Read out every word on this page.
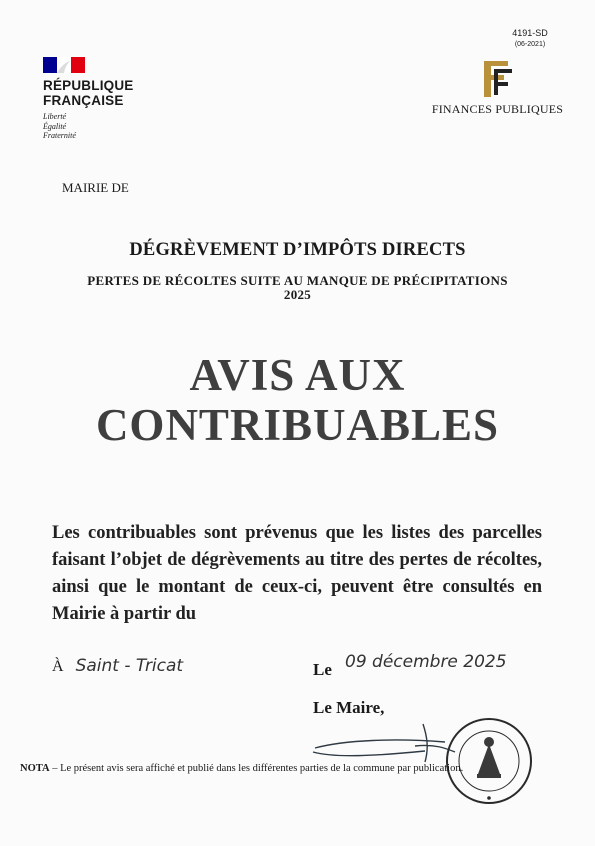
4191-SD
(06-2021)
RÉPUBLIQUE
FRANÇAISE
Liberté
Égalité
Fraternité
FINANCES PUBLIQUES
MAIRIE DE
DÉGRÈVEMENT D’IMPÔTS DIRECTS
PERTES DE RÉCOLTES SUITE AU MANQUE DE PRÉCIPITATIONS
2025
AVIS AUX
CONTRIBUABLES
Les contribuables sont prévenus que les listes des parcelles faisant l’objet de dégrèvements au titre des pertes de récoltes, ainsi que le montant de ceux-ci, peuvent être consultés en Mairie à partir du
À Saint - Tricat	Le 09 décembre 2025
Le Maire,
NOTA – Le présent avis sera affiché et publié dans les différentes parties de la commune par publication.
